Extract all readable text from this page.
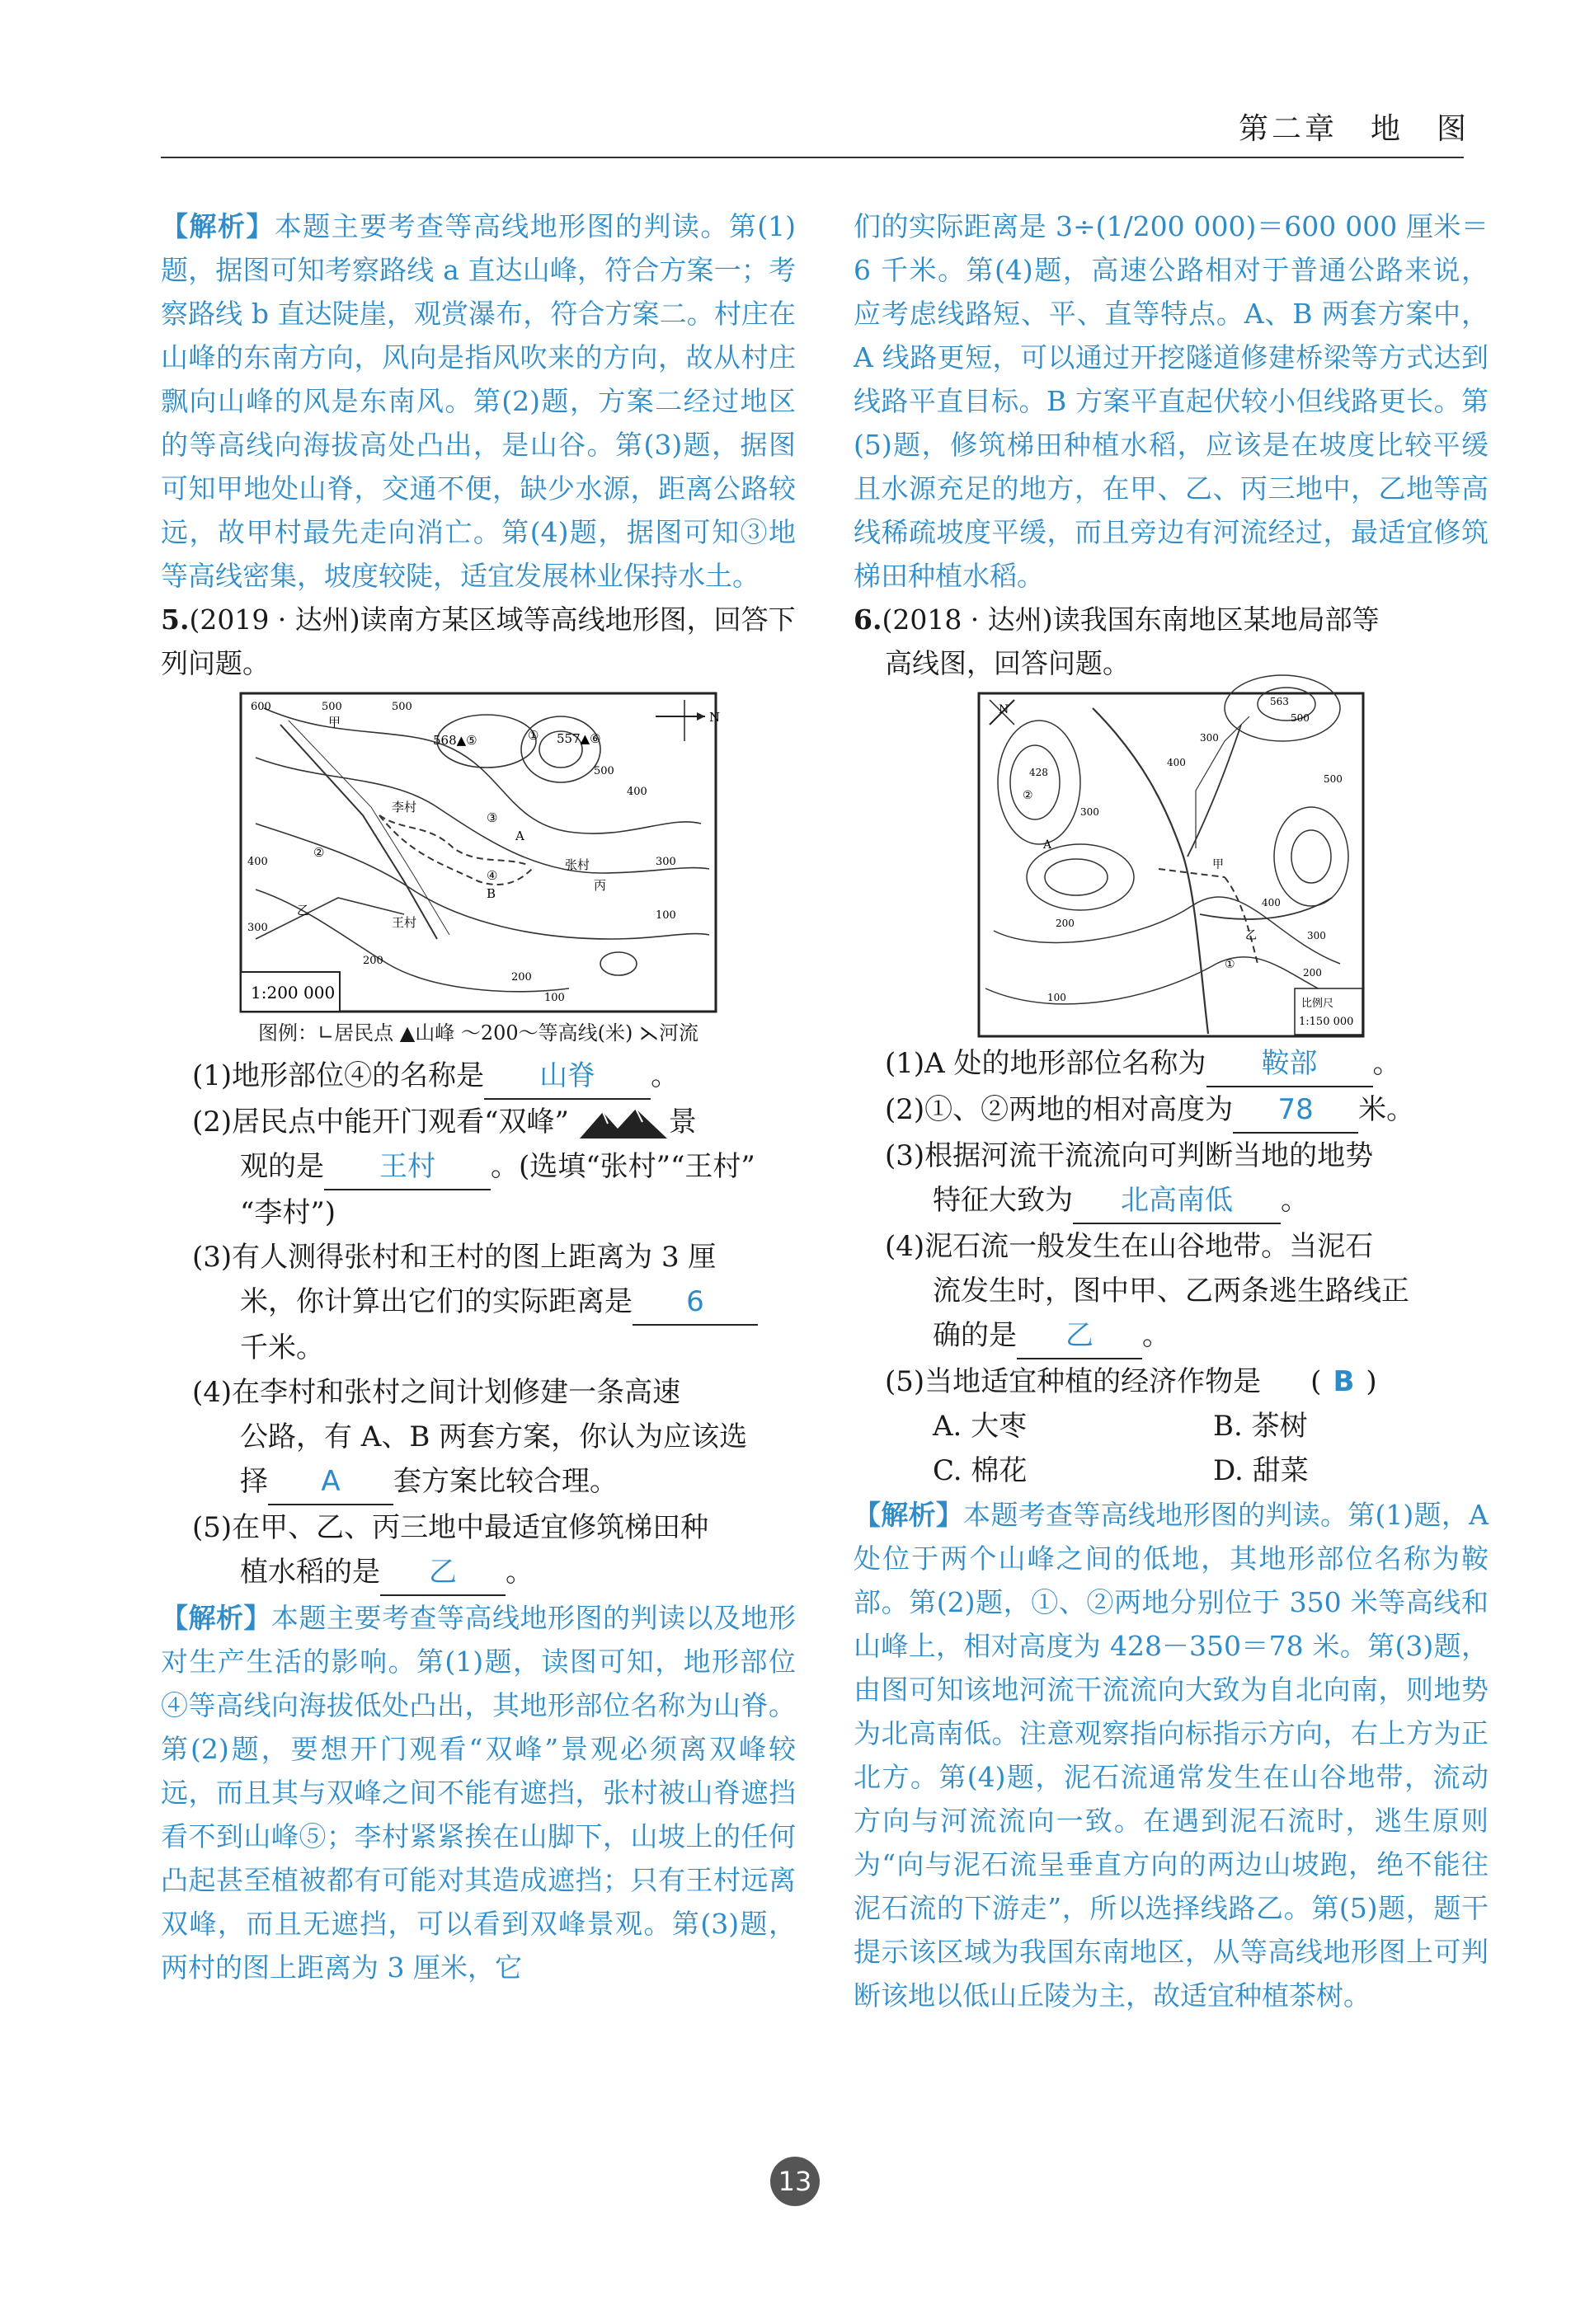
第二章　地　图

【解析】本题主要考查等高线地形图的判读。第(1)题，据图可知考察路线 a 直达山峰，符合方案一；考察路线 b 直达陡崖，观赏瀑布，符合方案二。村庄在山峰的东南方向，风向是指风吹来的方向，故从村庄飘向山峰的风是东南风。第(2)题，方案二经过地区的等高线向海拔高处凸出，是山谷。第(3)题，据图可知甲地处山脊，交通不便，缺少水源，距离公路较远，故甲村最先走向消亡。第(4)题，据图可知③地等高线密集，坡度较陡，适宜发展林业保持水土。

5.(2019 · 达州)读南方某区域等高线地形图，回答下列问题。

1:200 000
N
甲
乙
丙
李村
张村
王村
568▲⑤	557▲⑥
①
②
③
④
A
B
600	500	500
500
400
400
300
300
200
200
100
100
图例：∟居民点 ▲山峰 ～200～等高线(米) ⋋河流

(1)地形部位④的名称是 山脊 。

(2)居民点中能开门观看“双峰”	景

观的是 王村 。(选填“张村”“王村”

“李村”)

(3)有人测得张村和王村的图上距离为 3 厘

米，你计算出它们的实际距离是 6

千米。

(4)在李村和张村之间计划修建一条高速

公路，有 A、B 两套方案，你认为应该选

择 A 套方案比较合理。

(5)在甲、乙、丙三地中最适宜修筑梯田种

植水稻的是 乙 。

【解析】本题主要考查等高线地形图的判读以及地形对生产生活的影响。第(1)题，读图可知，地形部位④等高线向海拔低处凸出，其地形部位名称为山脊。第(2)题，要想开门观看“双峰”景观必须离双峰较远，而且其与双峰之间不能有遮挡，张村被山脊遮挡看不到山峰⑤；李村紧紧挨在山脚下，山坡上的任何凸起甚至植被都有可能对其造成遮挡；只有王村远离双峰，而且无遮挡，可以看到双峰景观。第(3)题，两村的图上距离为 3 厘米，它

们的实际距离是 3÷(1/200 000)＝600 000 厘米＝6 千米。第(4)题，高速公路相对于普通公路来说，应考虑线路短、平、直等特点。A、B 两套方案中，A 线路更短，可以通过开挖隧道修建桥梁等方式达到线路平直目标。B 方案平直起伏较小但线路更长。第(5)题，修筑梯田种植水稻，应该是在坡度比较平缓且水源充足的地方，在甲、乙、丙三地中，乙地等高线稀疏坡度平缓，而且旁边有河流经过，最适宜修筑梯田种植水稻。

6.(2018 · 达州)读我国东南地区某地局部等

高线图，回答问题。

比例尺
1:150 000
N
甲
乙
A
①
②
563
428
500
500
400
400
300
300
300
200
200
100

(1)A 处的地形部位名称为 鞍部 。

(2)①、②两地的相对高度为 78 米。

(3)根据河流干流流向可判断当地的地势

特征大致为 北高南低 。

(4)泥石流一般发生在山谷地带。当泥石

流发生时，图中甲、乙两条逃生路线正

确的是 乙 。

(5)当地适宜种植的经济作物是 ( B )

A. 大枣	B. 茶树
C. 棉花	D. 甜菜

【解析】本题考查等高线地形图的判读。第(1)题，A 处位于两个山峰之间的低地，其地形部位名称为鞍部。第(2)题，①、②两地分别位于 350 米等高线和山峰上，相对高度为 428－350＝78 米。第(3)题，由图可知该地河流干流流向大致为自北向南，则地势为北高南低。注意观察指向标指示方向，右上方为正北方。第(4)题，泥石流通常发生在山谷地带，流动方向与河流流向一致。在遇到泥石流时，逃生原则为“向与泥石流呈垂直方向的两边山坡跑，绝不能往泥石流的下游走”，所以选择线路乙。第(5)题，题干提示该区域为我国东南地区，从等高线地形图上可判断该地以低山丘陵为主，故适宜种植茶树。

13
